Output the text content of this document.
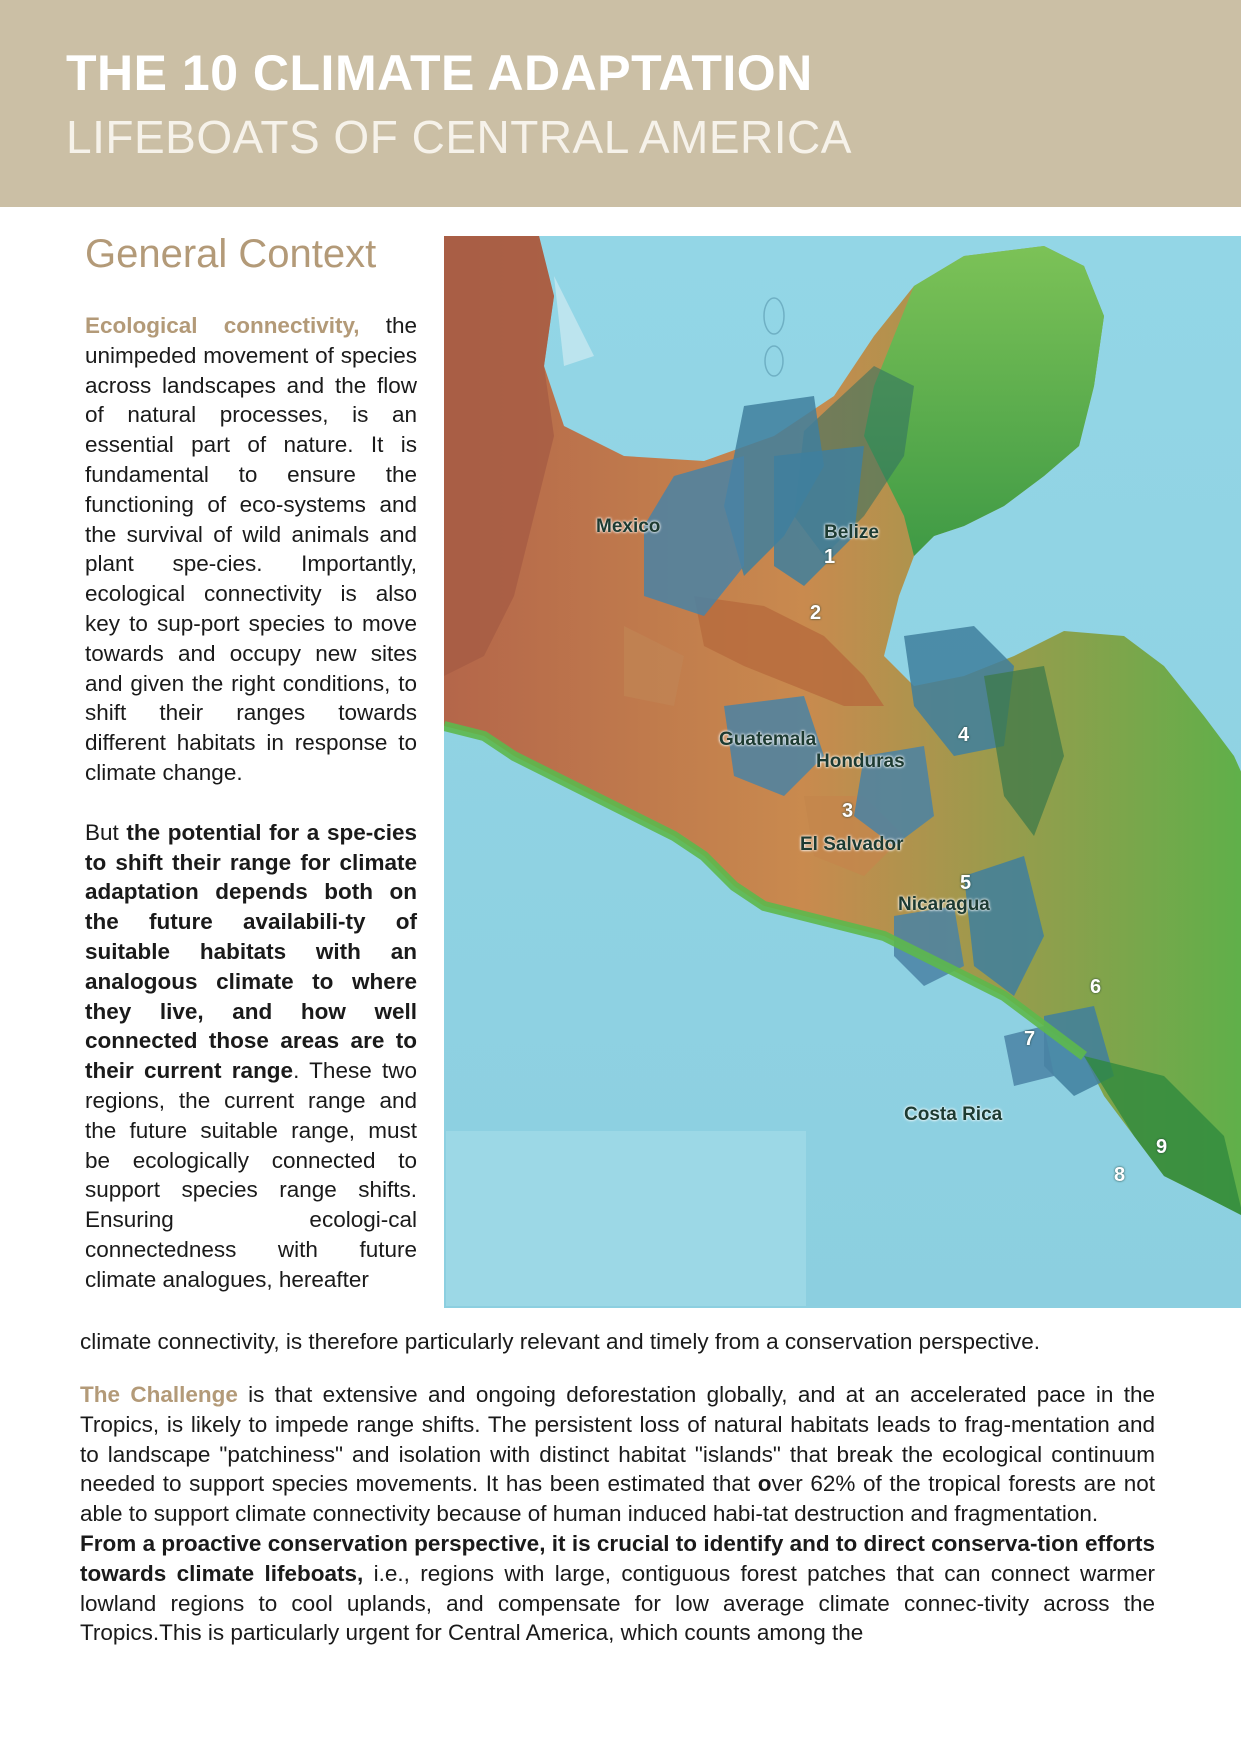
THE 10 CLIMATE ADAPTATION
LIFEBOATS OF CENTRAL AMERICA
General Context

Ecological connectivity, the unimpeded movement of species across landscapes and the flow of natural processes, is an essential part of nature. It is fundamental to ensure the functioning of eco-systems and the survival of wild animals and plant spe-cies. Importantly, ecological connectivity is also key to sup-port species to move towards and occupy new sites and given the right conditions, to shift their ranges towards different habitats in response to climate change.

But the potential for a spe-cies to shift their range for climate adaptation depends both on the future availabili-ty of suitable habitats with an analogous climate to where they live, and how well connected those areas are to their current range. These two regions, the current range and the future suitable range, must be ecologically connected to support species range shifts. Ensuring ecologi-cal connectedness with future climate analogues, hereafter

Mexico	Belize
Guatemala
Honduras
El Salvador
Nicaragua
Costa Rica
1
2
3
4
5
6
7
8
9

climate connectivity, is therefore particularly relevant and timely from a conservation perspective.

The Challenge is that extensive and ongoing deforestation globally, and at an accelerated pace in the Tropics, is likely to impede range shifts. The persistent loss of natural habitats leads to frag-mentation and to landscape "patchiness" and isolation with distinct habitat "islands" that break the ecological continuum needed to support species movements. It has been estimated that over 62% of the tropical forests are not able to support climate connectivity because of human induced habi-tat destruction and fragmentation.

From a proactive conservation perspective, it is crucial to identify and to direct conserva-tion efforts towards climate lifeboats, i.e., regions with large, contiguous forest patches that can connect warmer lowland regions to cool uplands, and compensate for low average climate connec-tivity across the Tropics.This is particularly urgent for Central America, which counts among the
